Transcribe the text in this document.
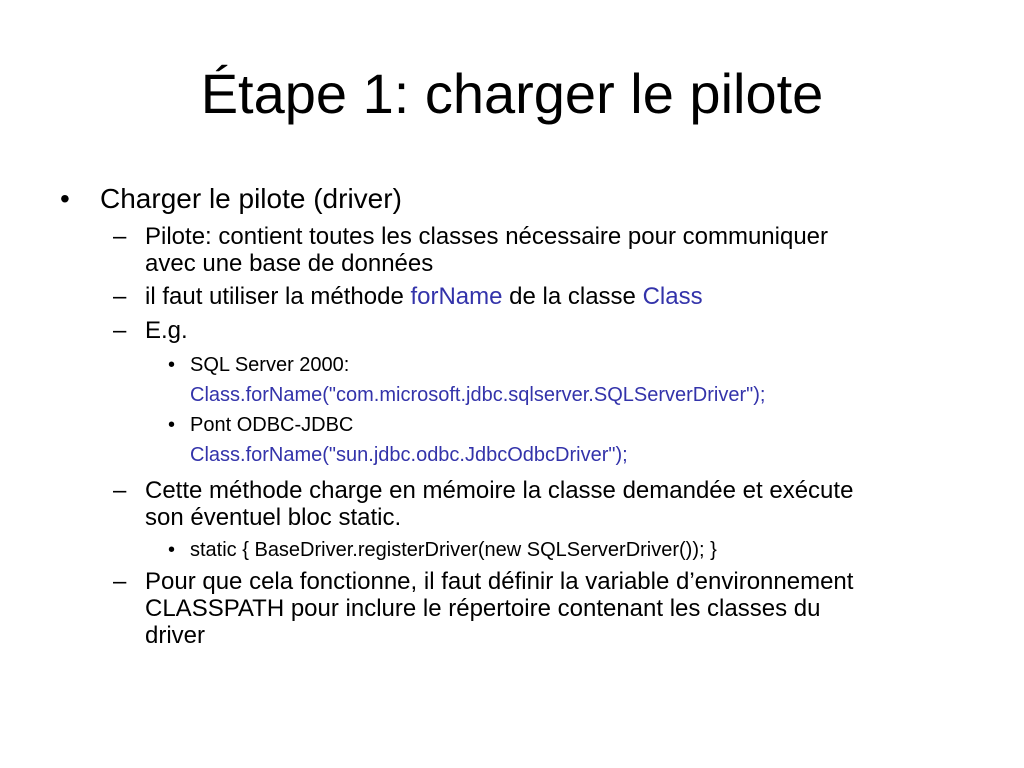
Étape 1: charger le pilote
• Charger le pilote (driver)
– Pilote: contient toutes les classes nécessaire pour communiquer
avec une base de données
– il faut utiliser la méthode forName de la classe Class
– E.g.
• SQL Server 2000:
Class.forName("com.microsoft.jdbc.sqlserver.SQLServerDriver");
• Pont ODBC-JDBC
Class.forName("sun.jdbc.odbc.JdbcOdbcDriver");
– Cette méthode charge en mémoire la classe demandée et exécute
son éventuel bloc static.
• static { BaseDriver.registerDriver(new SQLServerDriver()); }
– Pour que cela fonctionne, il faut définir la variable d’environnement
CLASSPATH pour inclure le répertoire contenant les classes du
driver
